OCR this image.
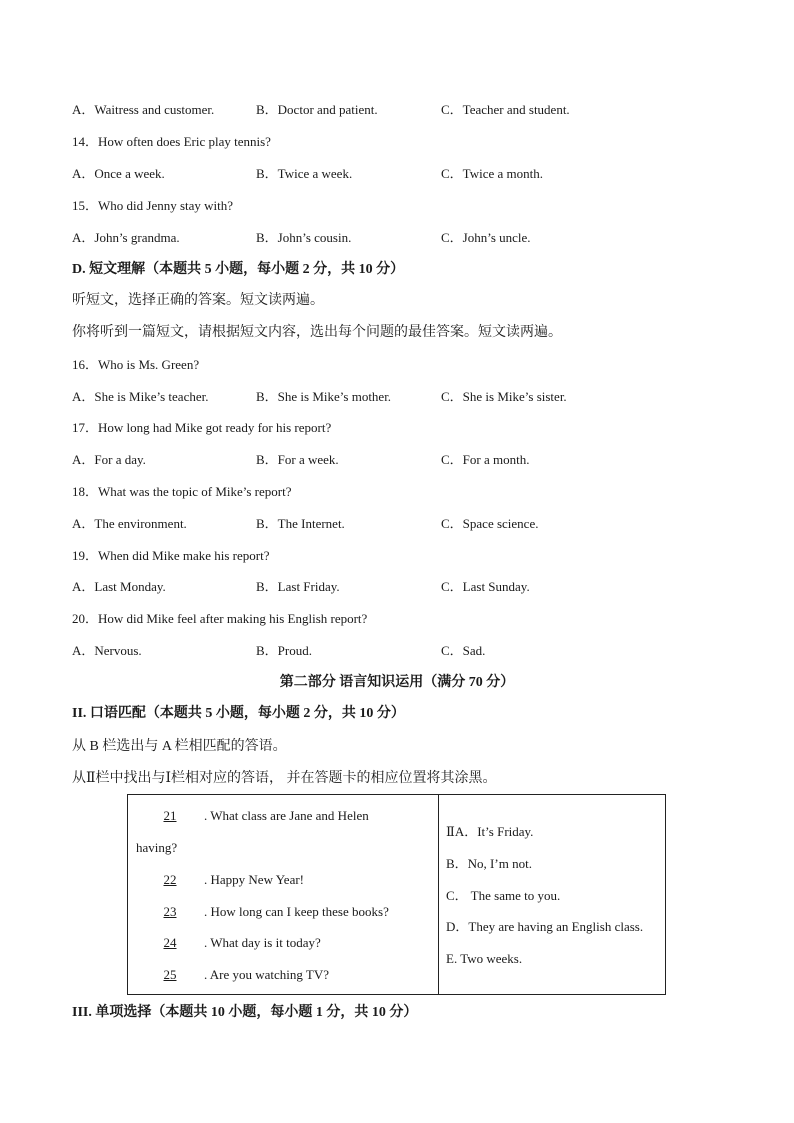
A．Waitress and customer.	B．Doctor and patient.	C．Teacher and student.
14．How often does Eric play tennis?
A．Once a week.	B．Twice a week.	C．Twice a month.
15．Who did Jenny stay with?
A．John’s grandma.	B．John’s cousin.	C．John’s uncle.
D. 短文理解（本题共 5 小题，每小题 2 分，共 10 分）
听短文，选择正确的答案。短文读两遍。
你将听到一篇短文，请根据短文内容，选出每个问题的最佳答案。短文读两遍。
16．Who is Ms. Green?
A．She is Mike’s teacher.	B．She is Mike’s mother.	C．She is Mike’s sister.
17．How long had Mike got ready for his report?
A．For a day.	B．For a week.	C．For a month.
18．What was the topic of Mike’s report?
A．The environment.	B．The Internet.	C．Space science.
19．When did Mike make his report?
A．Last Monday.	B．Last Friday.	C．Last Sunday.
20．How did Mike feel after making his English report?
A．Nervous.	B．Proud.	C．Sad.
第二部分 语言知识运用（满分 70 分）
II. 口语匹配（本题共 5 小题，每小题 2 分，共 10 分）
从 B 栏选出与 A 栏相匹配的答语。
从Ⅱ栏中找出与Ⅰ栏相对应的答语， 并在答题卡的相应位置将其涂黑。
21 . What class are Jane and Helen
having?
22 . Happy New Year!
23 . How long can I keep these books?
24 . What day is it today?
25 . Are you watching TV?
ⅡA．It’s Friday.
B．No, I’m not.
C． The same to you.
D．They are having an English class.
E. Two weeks.
III. 单项选择（本题共 10 小题，每小题 1 分，共 10 分）
